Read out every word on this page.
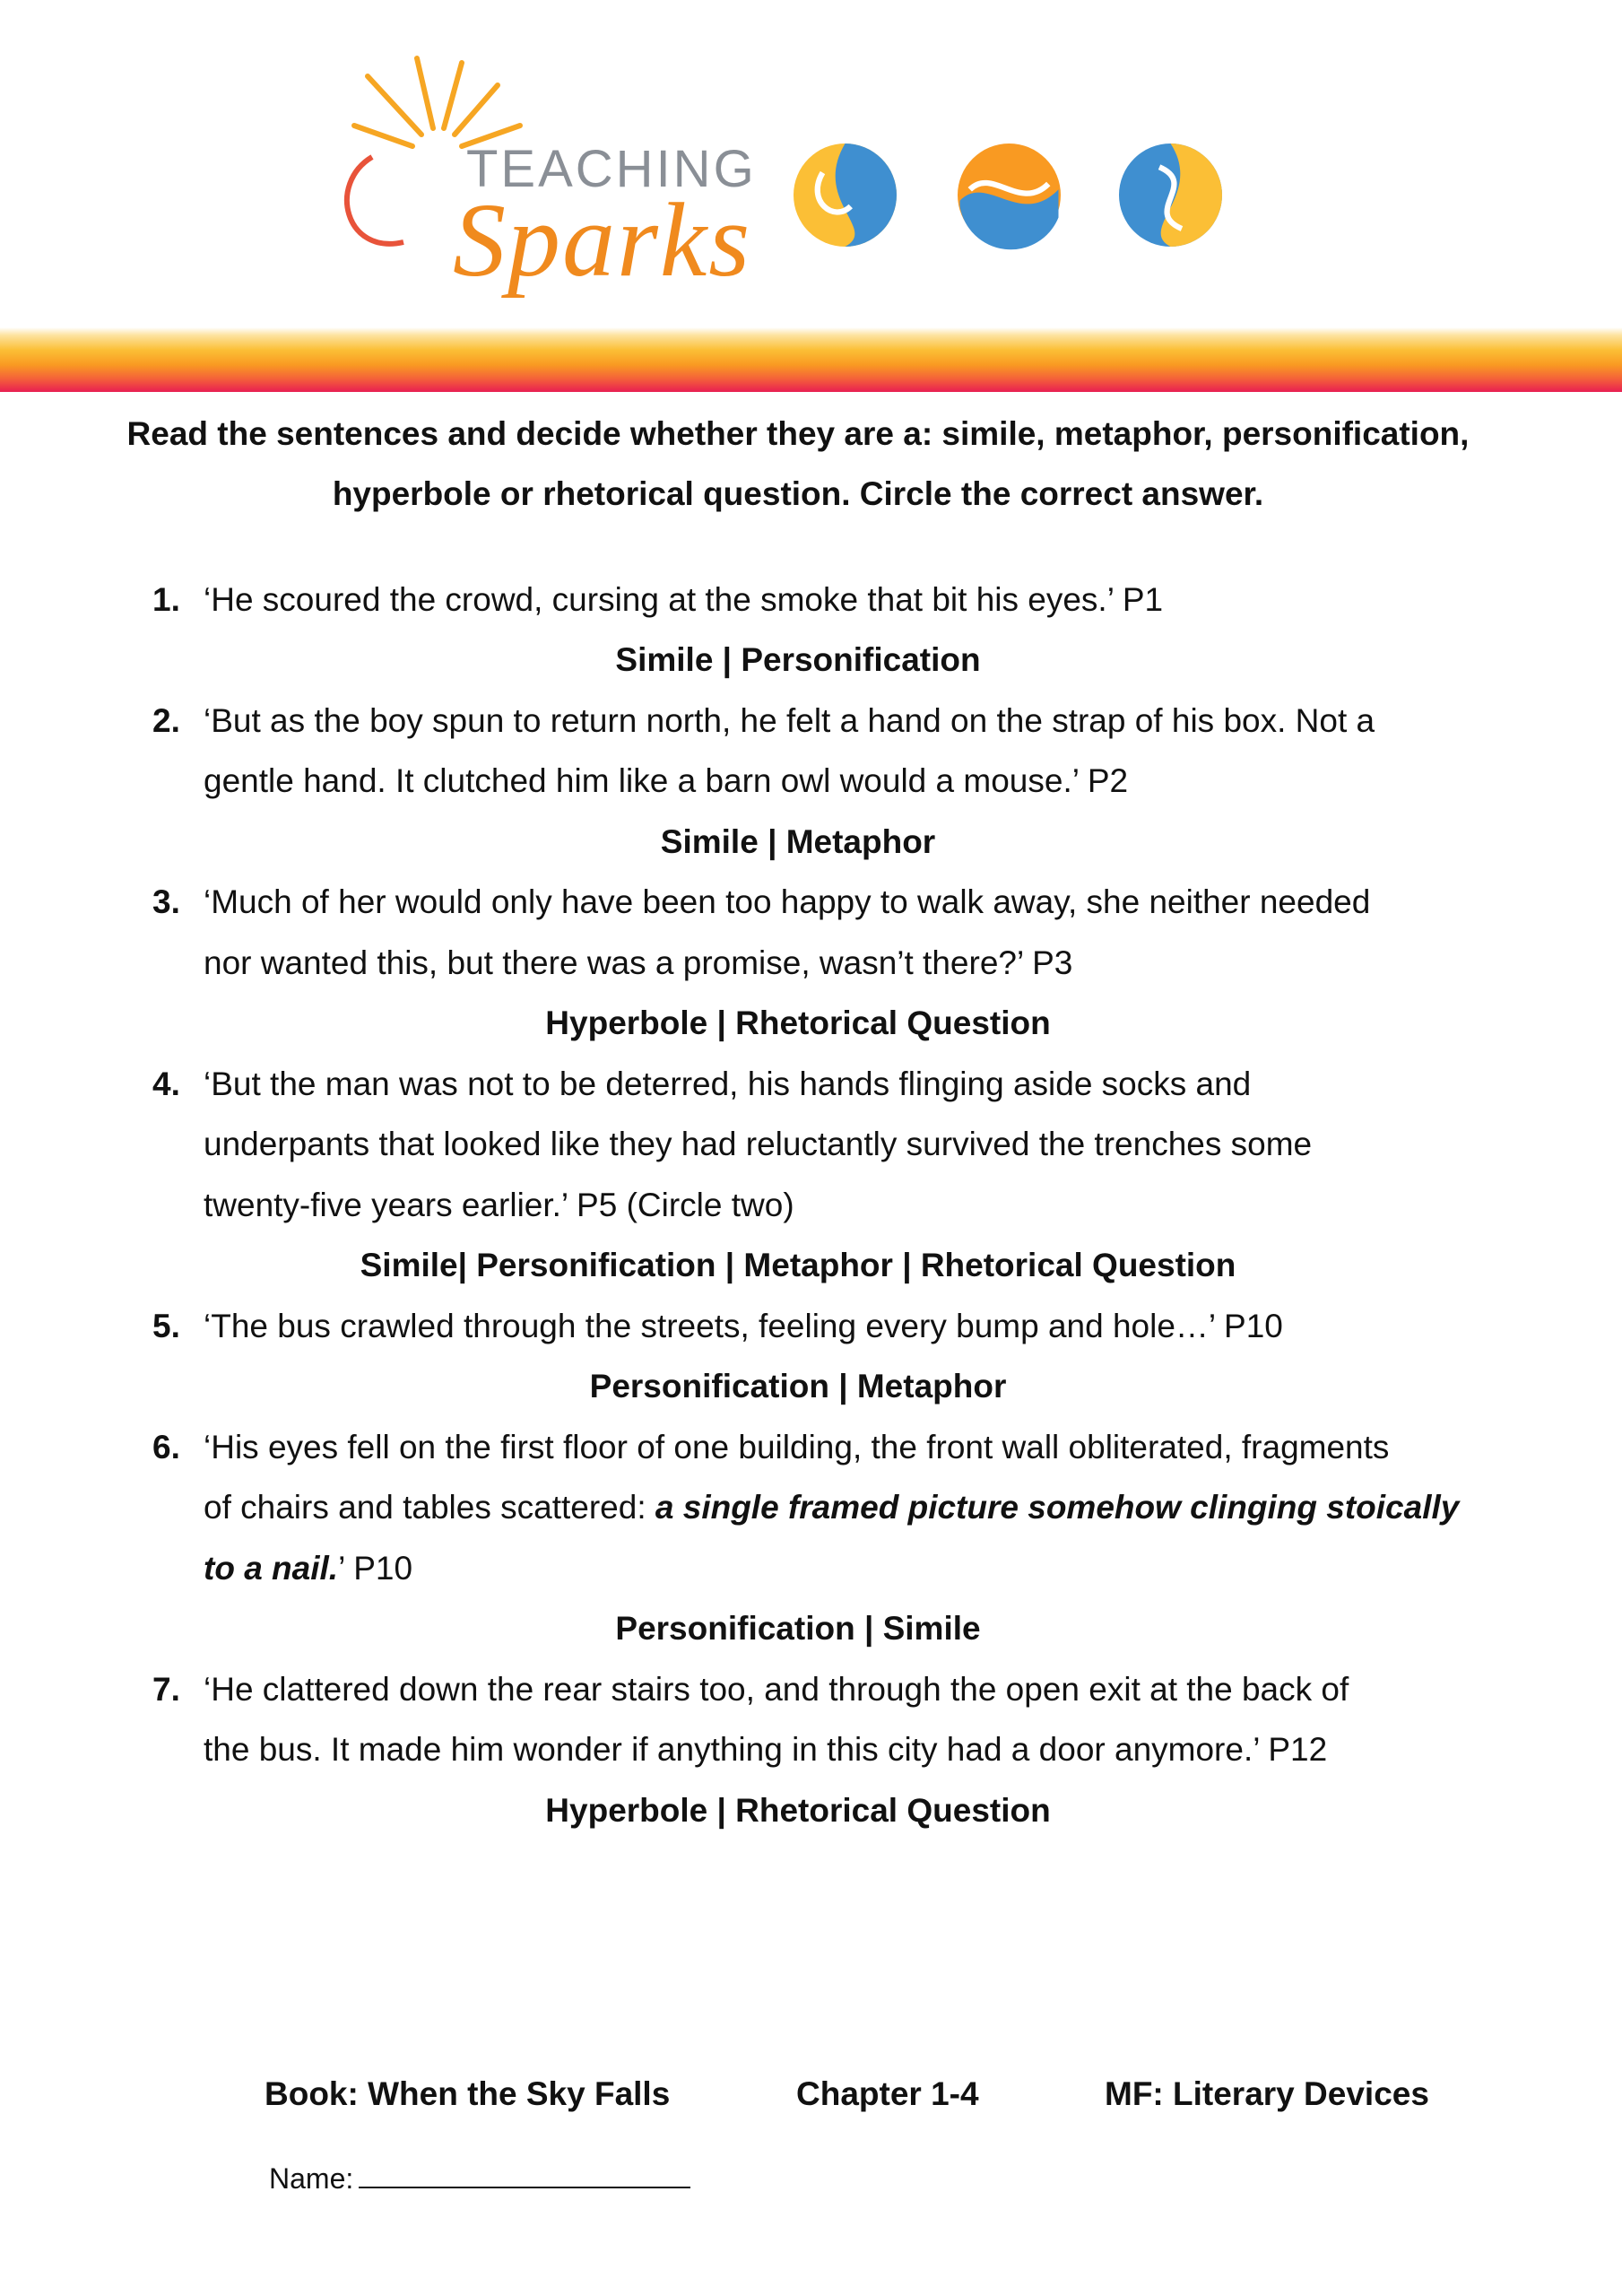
TEACHING
Sparks
Read the sentences and decide whether they are a: simile, metaphor, personification,
hyperbole or rhetorical question. Circle the correct answer.
1. ‘He scoured the crowd, cursing at the smoke that bit his eyes.’ P1
Simile | Personification
2. ‘But as the boy spun to return north, he felt a hand on the strap of his box. Not a
gentle hand. It clutched him like a barn owl would a mouse.’ P2
Simile | Metaphor
3. ‘Much of her would only have been too happy to walk away, she neither needed
nor wanted this, but there was a promise, wasn’t there?’ P3
Hyperbole | Rhetorical Question
4. ‘But the man was not to be deterred, his hands flinging aside socks and
underpants that looked like they had reluctantly survived the trenches some
twenty-five years earlier.’ P5 (Circle two)
Simile| Personification | Metaphor | Rhetorical Question
5. ‘The bus crawled through the streets, feeling every bump and hole…’ P10
Personification | Metaphor
6. ‘His eyes fell on the first floor of one building, the front wall obliterated, fragments
of chairs and tables scattered: a single framed picture somehow clinging stoically
to a nail.’ P10
Personification | Simile
7. ‘He clattered down the rear stairs too, and through the open exit at the back of
the bus. It made him wonder if anything in this city had a door anymore.’ P12
Hyperbole | Rhetorical Question
Book: When the Sky Falls	Chapter 1-4	MF: Literary Devices
Name:
